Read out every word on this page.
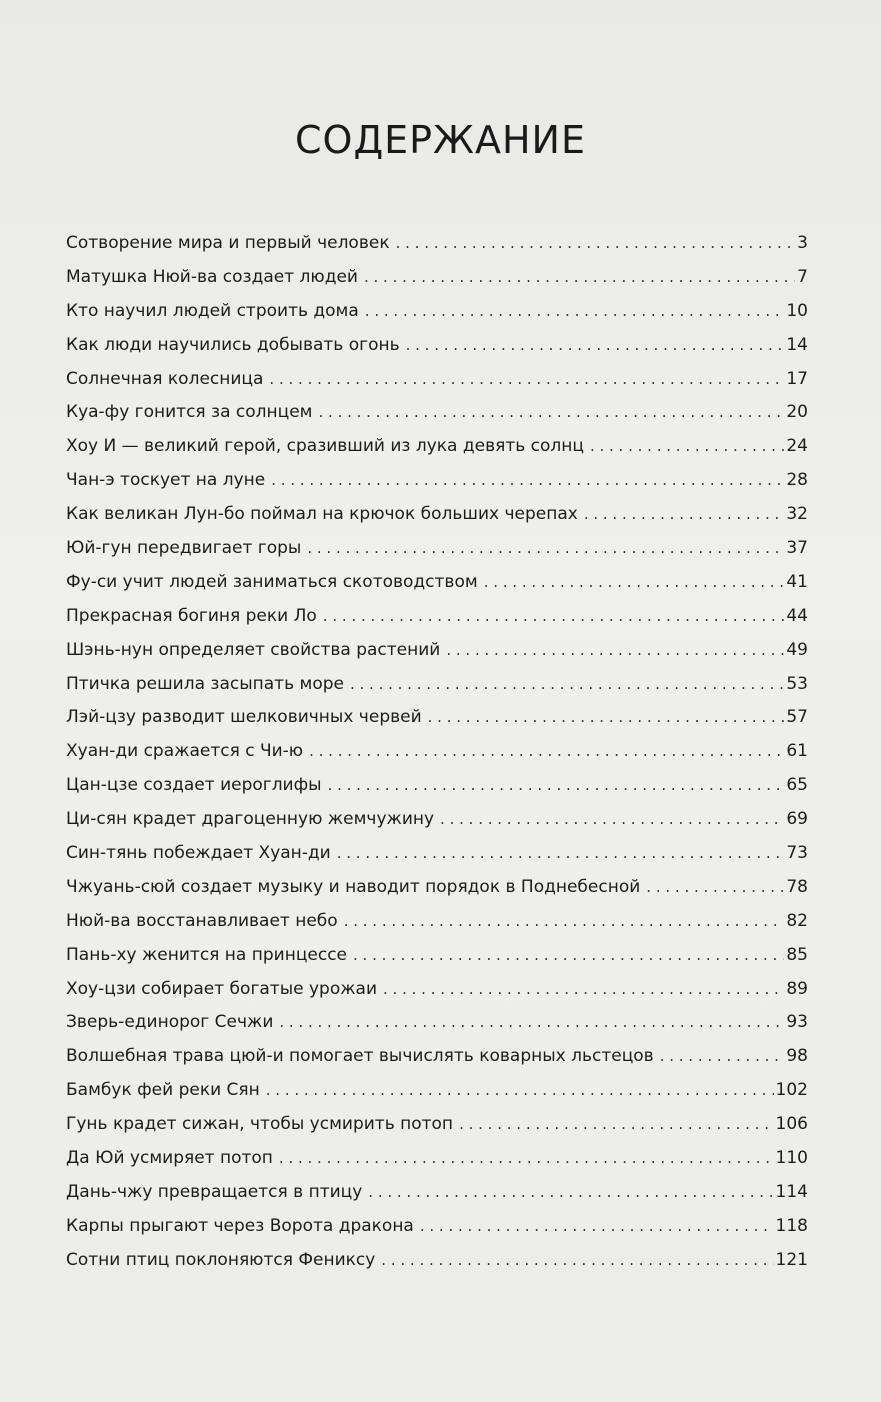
СОДЕРЖАНИЕ
Сотворение мира и первый человек . . .	3
Матушка Нюй-ва создает людей . . .	7
Кто научил людей строить дома . . .	10
Как люди научились добывать огонь . . .	14
Солнечная колесница . . .	17
Куа-фу гонится за солнцем . . .	20
Хоу И — великий герой, сразивший из лука девять солнц . . .	24
Чан-э тоскует на луне . . .	28
Как великан Лун-бо поймал на крючок больших черепах . . .	32
Юй-гун передвигает горы . . .	37
Фу-си учит людей заниматься скотоводством . . .	41
Прекрасная богиня реки Ло . . .	44
Шэнь-нун определяет свойства растений . . .	49
Птичка решила засыпать море . . .	53
Лэй-цзу разводит шелковичных червей . . .	57
Хуан-ди сражается с Чи-ю . . .	61
Цан-цзе создает иероглифы . . .	65
Ци-сян крадет драгоценную жемчужину . . .	69
Син-тянь побеждает Хуан-ди . . .	73
Чжуань-сюй создает музыку и наводит порядок в Поднебесной . . .	78
Нюй-ва восстанавливает небо . . .	82
Пань-ху женится на принцессе . . .	85
Хоу-цзи собирает богатые урожаи . . .	89
Зверь-единорог Сечжи . . .	93
Волшебная трава цюй-и помогает вычислять коварных льстецов . . .	98
Бамбук фей реки Сян . . .	102
Гунь крадет сижан, чтобы усмирить потоп . . .	106
Да Юй усмиряет потоп . . .	110
Дань-чжу превращается в птицу . . .	114
Карпы прыгают через Ворота дракона . . .	118
Сотни птиц поклоняются Фениксу . . .	121
